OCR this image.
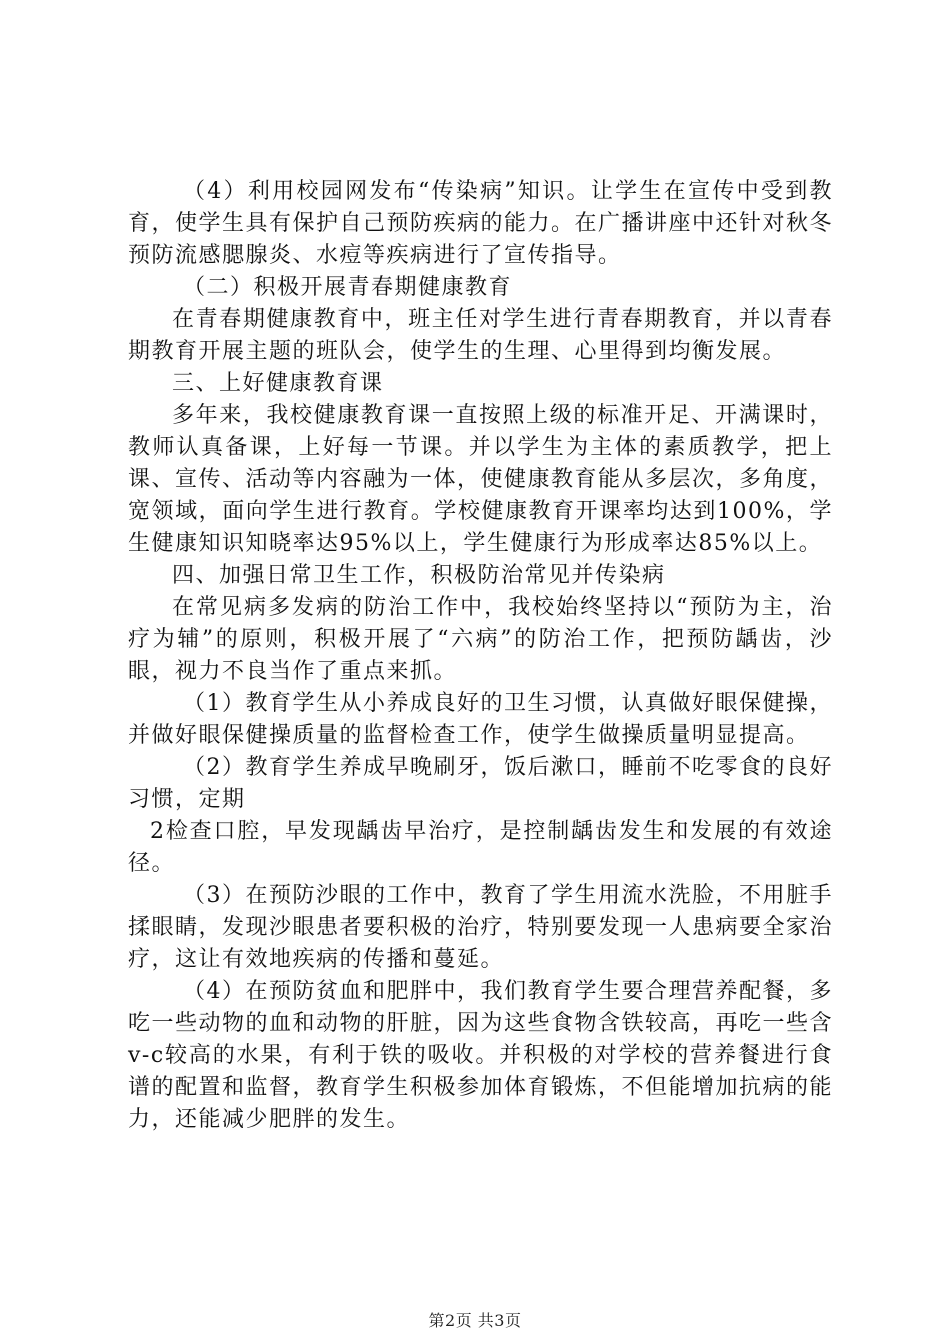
（4）利用校园网发布“传染病”知识。让学生在宣传中受到教育，使学生具有保护自己预防疾病的能力。在广播讲座中还针对秋冬预防流感腮腺炎、水痘等疾病进行了宣传指导。

（二）积极开展青春期健康教育

在青春期健康教育中，班主任对学生进行青春期教育，并以青春期教育开展主题的班队会，使学生的生理、心里得到均衡发展。

三、上好健康教育课

多年来，我校健康教育课一直按照上级的标准开足、开满课时，教师认真备课，上好每一节课。并以学生为主体的素质教学，把上课、宣传、活动等内容融为一体，使健康教育能从多层次，多角度，宽领域，面向学生进行教育。学校健康教育开课率均达到100%，学生健康知识知晓率达95%以上，学生健康行为形成率达85%以上。

四、加强日常卫生工作，积极防治常见并传染病

在常见病多发病的防治工作中，我校始终坚持以“预防为主，治疗为辅”的原则，积极开展了“六病”的防治工作，把预防龋齿，沙眼，视力不良当作了重点来抓。

（1）教育学生从小养成良好的卫生习惯，认真做好眼保健操，并做好眼保健操质量的监督检查工作，使学生做操质量明显提高。

（2）教育学生养成早晚刷牙，饭后漱口，睡前不吃零食的良好习惯，定期

2检查口腔，早发现龋齿早治疗，是控制龋齿发生和发展的有效途径。

（3）在预防沙眼的工作中，教育了学生用流水洗脸，不用脏手揉眼睛，发现沙眼患者要积极的治疗，特别要发现一人患病要全家治疗，这让有效地疾病的传播和蔓延。

（4）在预防贫血和肥胖中，我们教育学生要合理营养配餐，多吃一些动物的血和动物的肝脏，因为这些食物含铁较高，再吃一些含v-c较高的水果，有利于铁的吸收。并积极的对学校的营养餐进行食谱的配置和监督，教育学生积极参加体育锻炼，不但能增加抗病的能力，还能减少肥胖的发生。

第2页 共3页
